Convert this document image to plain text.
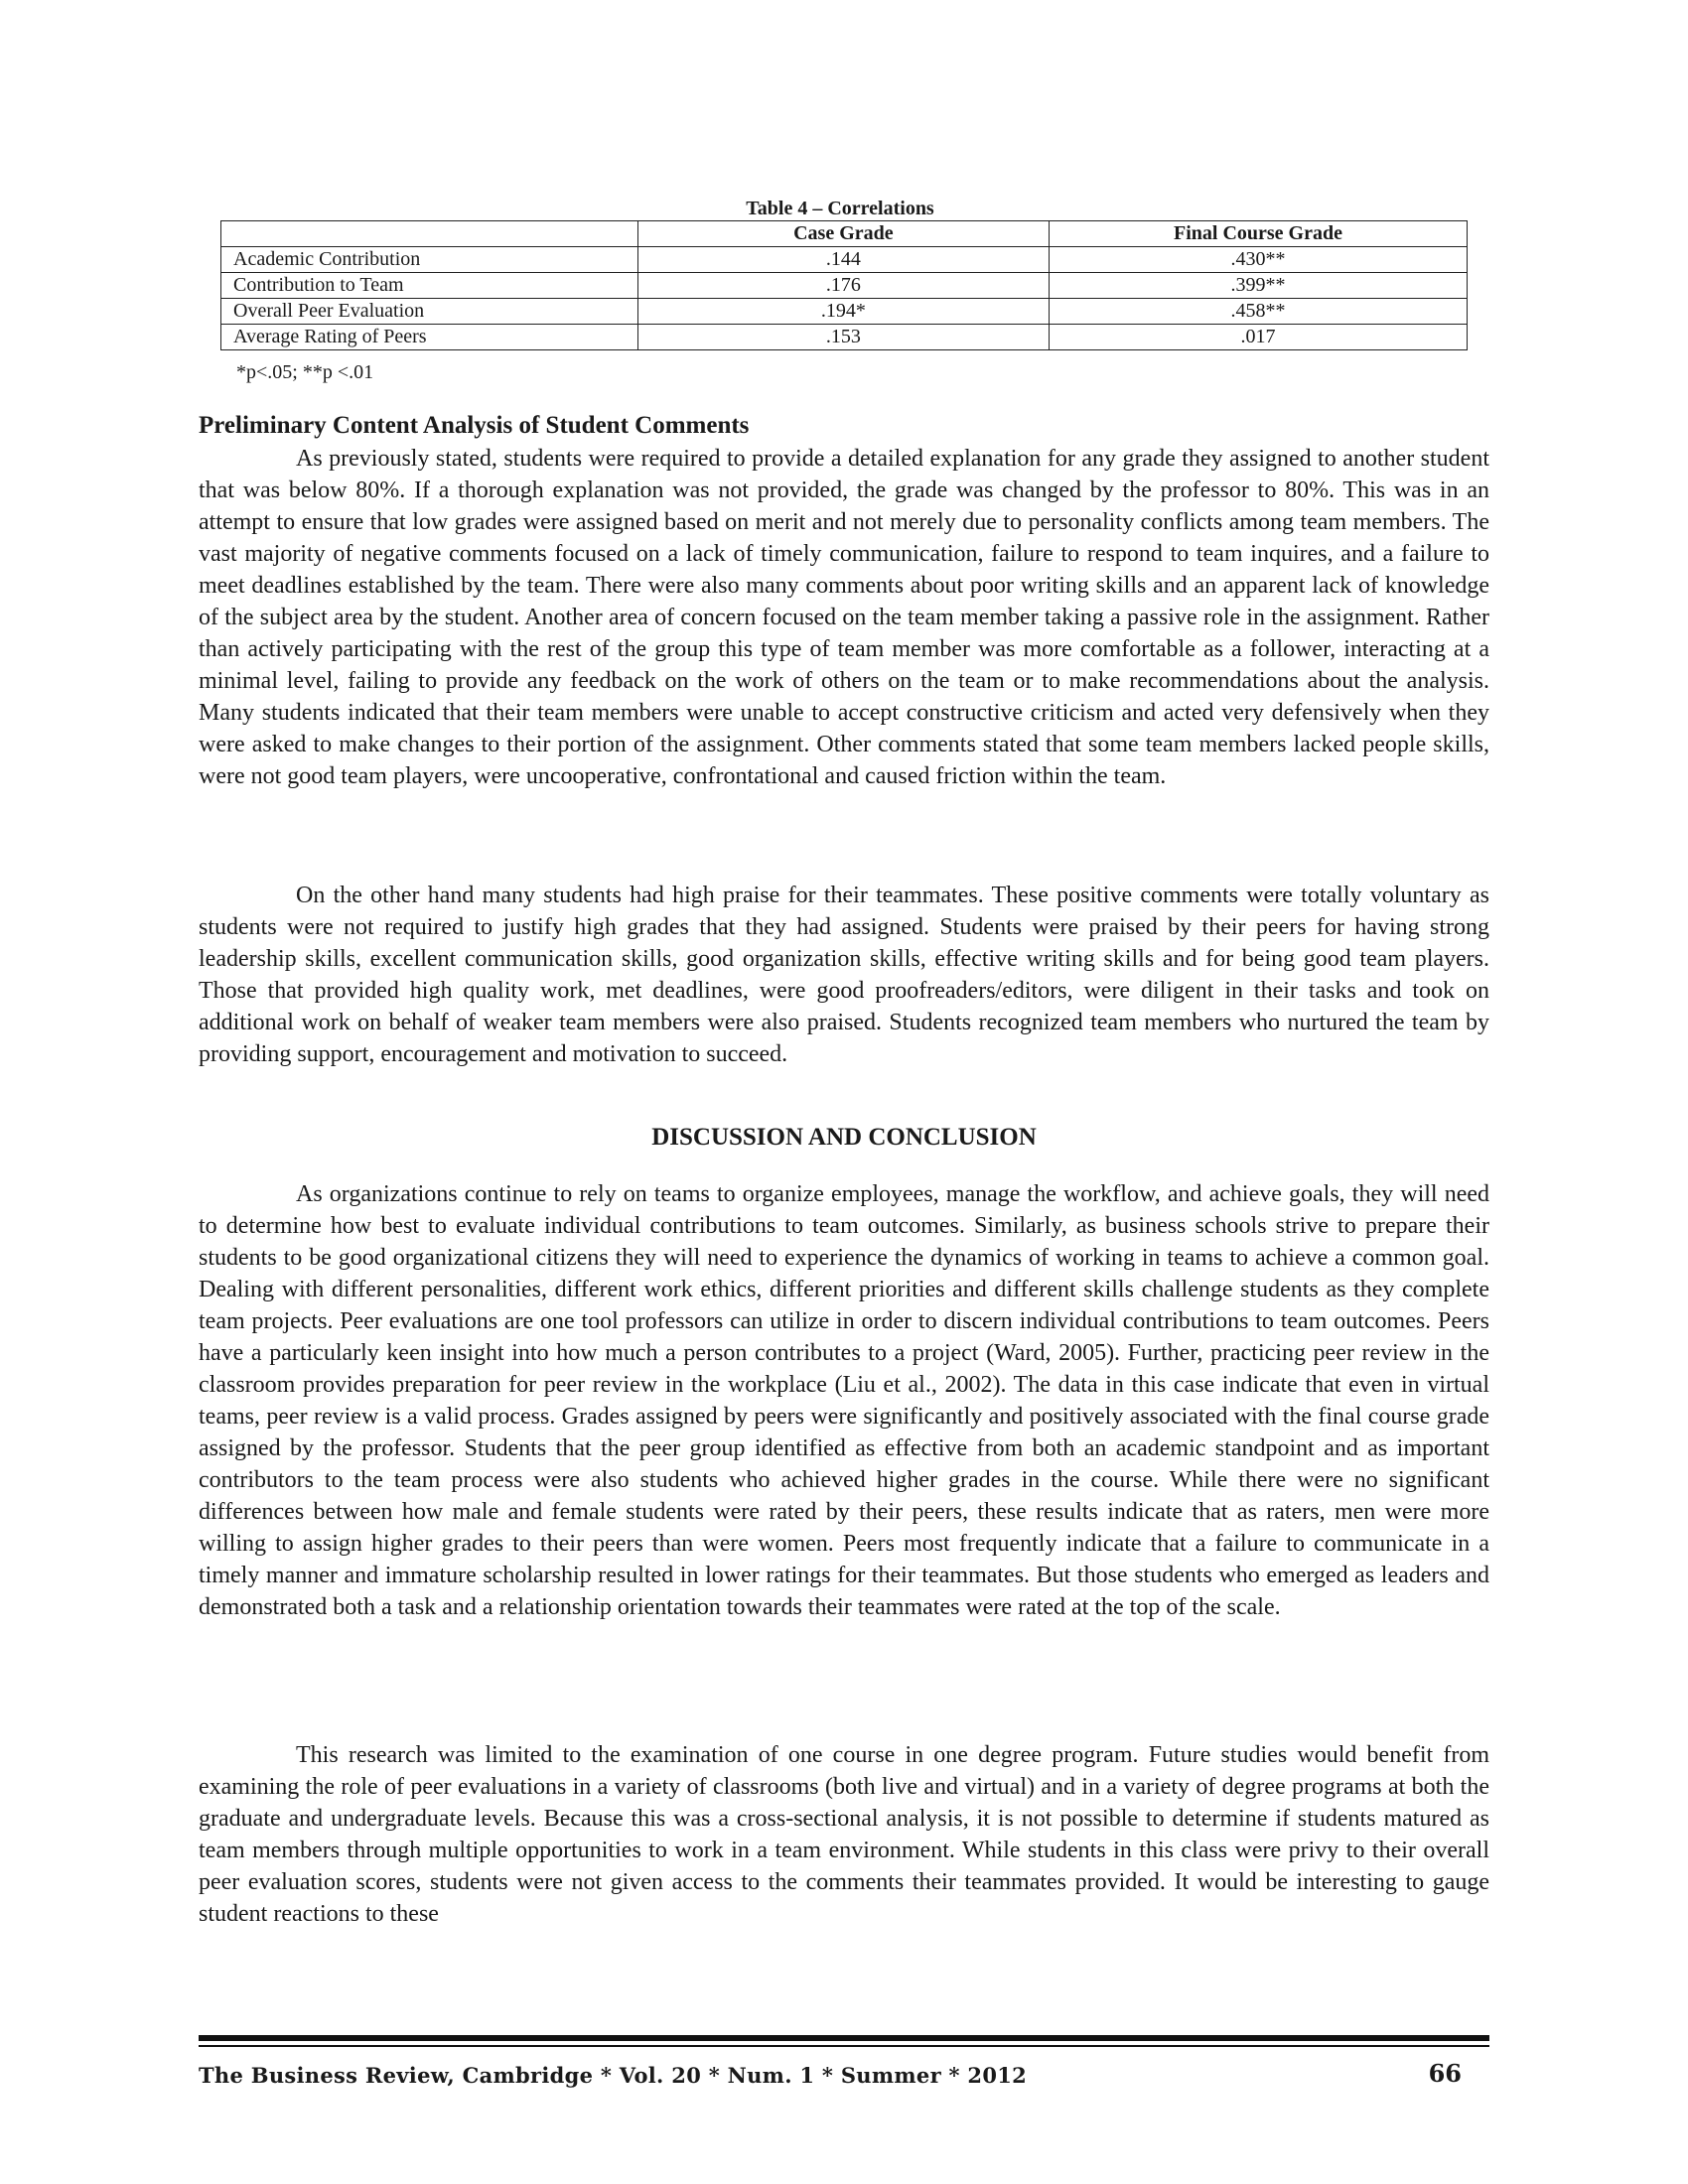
Table 4 – Correlations
	Case Grade	Final Course Grade
Academic Contribution	.144	.430**
Contribution to Team	.176	.399**
Overall Peer Evaluation	.194*	.458**
Average Rating of Peers	.153	.017
*p<.05; **p <.01
Preliminary Content Analysis of Student Comments

As previously stated, students were required to provide a detailed explanation for any grade they assigned to another student that was below 80%. If a thorough explanation was not provided, the grade was changed by the professor to 80%. This was in an attempt to ensure that low grades were assigned based on merit and not merely due to personality conflicts among team members. The vast majority of negative comments focused on a lack of timely communication, failure to respond to team inquires, and a failure to meet deadlines established by the team. There were also many comments about poor writing skills and an apparent lack of knowledge of the subject area by the student. Another area of concern focused on the team member taking a passive role in the assignment. Rather than actively participating with the rest of the group this type of team member was more comfortable as a follower, interacting at a minimal level, failing to provide any feedback on the work of others on the team or to make recommendations about the analysis. Many students indicated that their team members were unable to accept constructive criticism and acted very defensively when they were asked to make changes to their portion of the assignment. Other comments stated that some team members lacked people skills, were not good team players, were uncooperative, confrontational and caused friction within the team.

On the other hand many students had high praise for their teammates. These positive comments were totally voluntary as students were not required to justify high grades that they had assigned. Students were praised by their peers for having strong leadership skills, excellent communication skills, good organization skills, effective writing skills and for being good team players. Those that provided high quality work, met deadlines, were good proofreaders/editors, were diligent in their tasks and took on additional work on behalf of weaker team members were also praised. Students recognized team members who nurtured the team by providing support, encouragement and motivation to succeed.

DISCUSSION AND CONCLUSION

As organizations continue to rely on teams to organize employees, manage the workflow, and achieve goals, they will need to determine how best to evaluate individual contributions to team outcomes. Similarly, as business schools strive to prepare their students to be good organizational citizens they will need to experience the dynamics of working in teams to achieve a common goal. Dealing with different personalities, different work ethics, different priorities and different skills challenge students as they complete team projects. Peer evaluations are one tool professors can utilize in order to discern individual contributions to team outcomes. Peers have a particularly keen insight into how much a person contributes to a project (Ward, 2005). Further, practicing peer review in the classroom provides preparation for peer review in the workplace (Liu et al., 2002). The data in this case indicate that even in virtual teams, peer review is a valid process. Grades assigned by peers were significantly and positively associated with the final course grade assigned by the professor. Students that the peer group identified as effective from both an academic standpoint and as important contributors to the team process were also students who achieved higher grades in the course. While there were no significant differences between how male and female students were rated by their peers, these results indicate that as raters, men were more willing to assign higher grades to their peers than were women. Peers most frequently indicate that a failure to communicate in a timely manner and immature scholarship resulted in lower ratings for their teammates. But those students who emerged as leaders and demonstrated both a task and a relationship orientation towards their teammates were rated at the top of the scale.

This research was limited to the examination of one course in one degree program. Future studies would benefit from examining the role of peer evaluations in a variety of classrooms (both live and virtual) and in a variety of degree programs at both the graduate and undergraduate levels. Because this was a cross-sectional analysis, it is not possible to determine if students matured as team members through multiple opportunities to work in a team environment. While students in this class were privy to their overall peer evaluation scores, students were not given access to the comments their teammates provided. It would be interesting to gauge student reactions to these

The Business Review, Cambridge * Vol. 20 * Num. 1 * Summer * 2012	66
